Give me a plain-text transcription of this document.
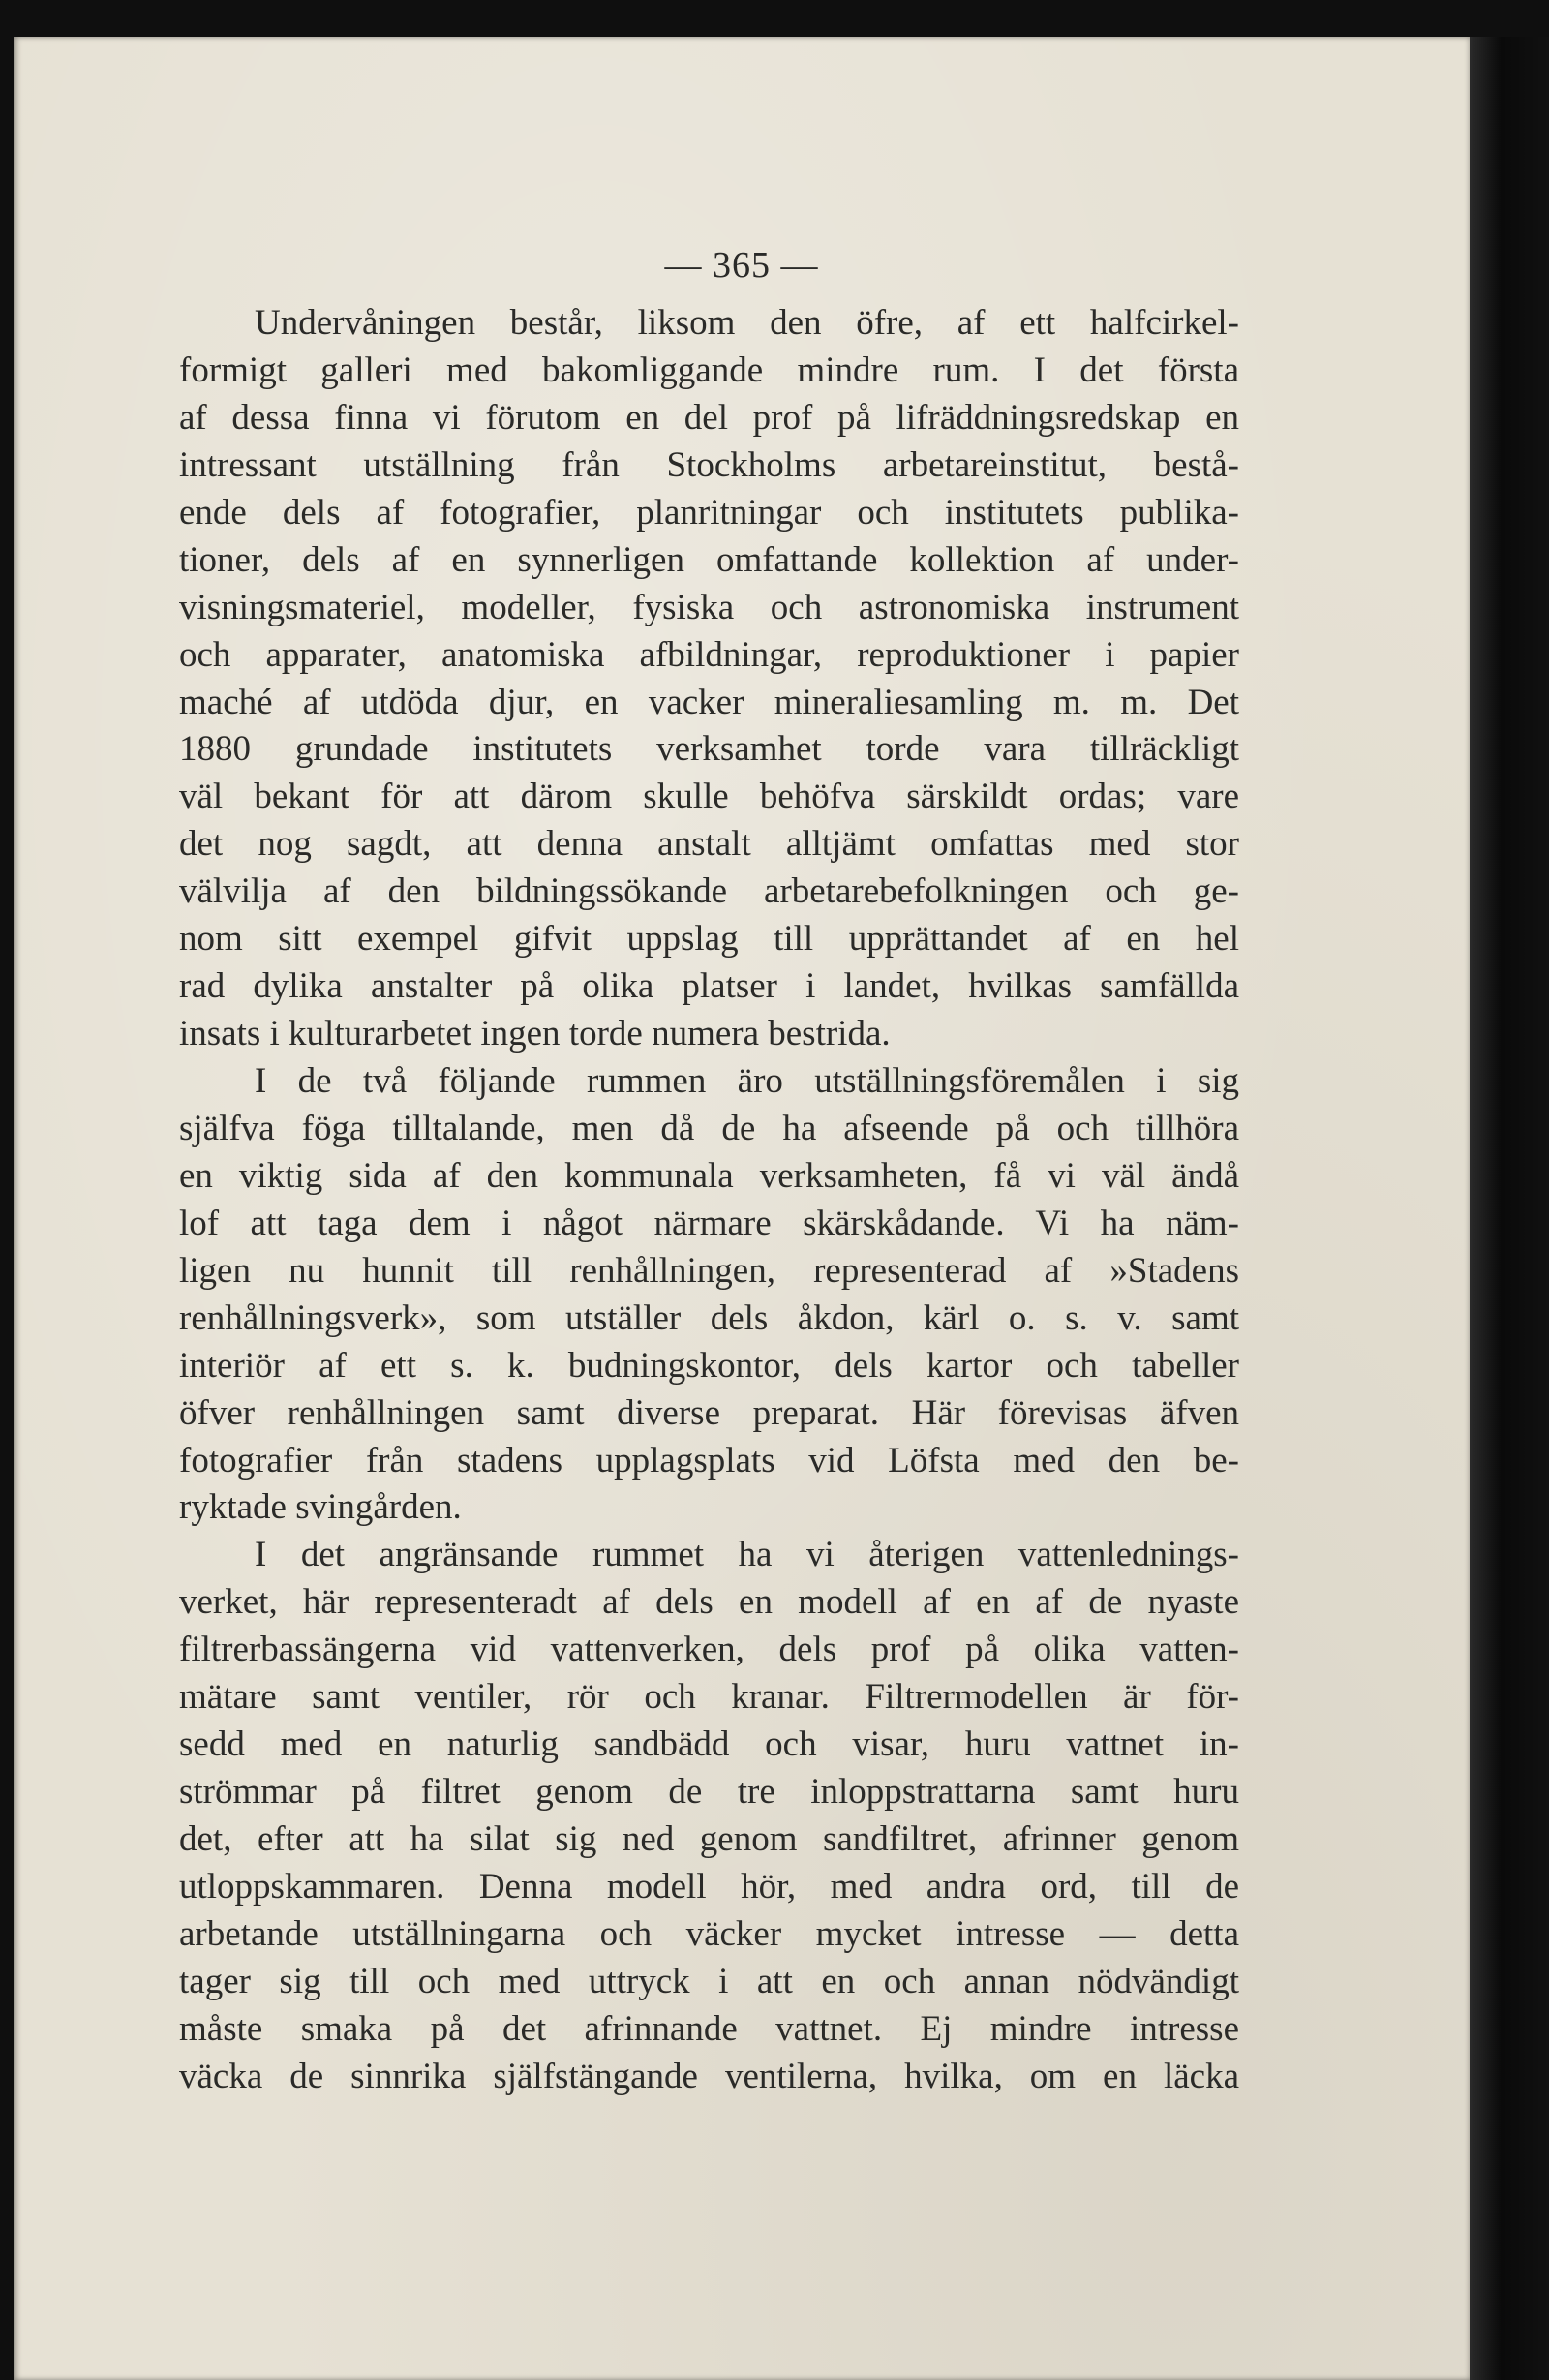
— 365 —

Undervåningen består, liksom den öfre, af ett halfcirkel-
formigt galleri med bakomliggande mindre rum. I det första
af dessa finna vi förutom en del prof på lifräddningsredskap en
intressant utställning från Stockholms arbetareinstitut, bestå-
ende dels af fotografier, planritningar och institutets publika-
tioner, dels af en synnerligen omfattande kollektion af under-
visningsmateriel, modeller, fysiska och astronomiska instrument
och apparater, anatomiska afbildningar, reproduktioner i papier
maché af utdöda djur, en vacker mineraliesamling m. m. Det
1880 grundade institutets verksamhet torde vara tillräckligt
väl bekant för att därom skulle behöfva särskildt ordas; vare
det nog sagdt, att denna anstalt alltjämt omfattas med stor
välvilja af den bildningssökande arbetarebefolkningen och ge-
nom sitt exempel gifvit uppslag till upprättandet af en hel
rad dylika anstalter på olika platser i landet, hvilkas samfällda
insats i kulturarbetet ingen torde numera bestrida.
I de två följande rummen äro utställningsföremålen i sig
själfva föga tilltalande, men då de ha afseende på och tillhöra
en viktig sida af den kommunala verksamheten, få vi väl ändå
lof att taga dem i något närmare skärskådande. Vi ha näm-
ligen nu hunnit till renhållningen, representerad af »Stadens
renhållningsverk», som utställer dels åkdon, kärl o. s. v. samt
interiör af ett s. k. budningskontor, dels kartor och tabeller
öfver renhållningen samt diverse preparat. Här förevisas äfven
fotografier från stadens upplagsplats vid Löfsta med den be-
ryktade svingården.
I det angränsande rummet ha vi återigen vattenlednings-
verket, här representeradt af dels en modell af en af de nyaste
filtrerbassängerna vid vattenverken, dels prof på olika vatten-
mätare samt ventiler, rör och kranar. Filtrermodellen är för-
sedd med en naturlig sandbädd och visar, huru vattnet in-
strömmar på filtret genom de tre inloppstrattarna samt huru
det, efter att ha silat sig ned genom sandfiltret, afrinner genom
utloppskammaren. Denna modell hör, med andra ord, till de
arbetande utställningarna och väcker mycket intresse — detta
tager sig till och med uttryck i att en och annan nödvändigt
måste smaka på det afrinnande vattnet. Ej mindre intresse
väcka de sinnrika själfstängande ventilerna, hvilka, om en läcka
